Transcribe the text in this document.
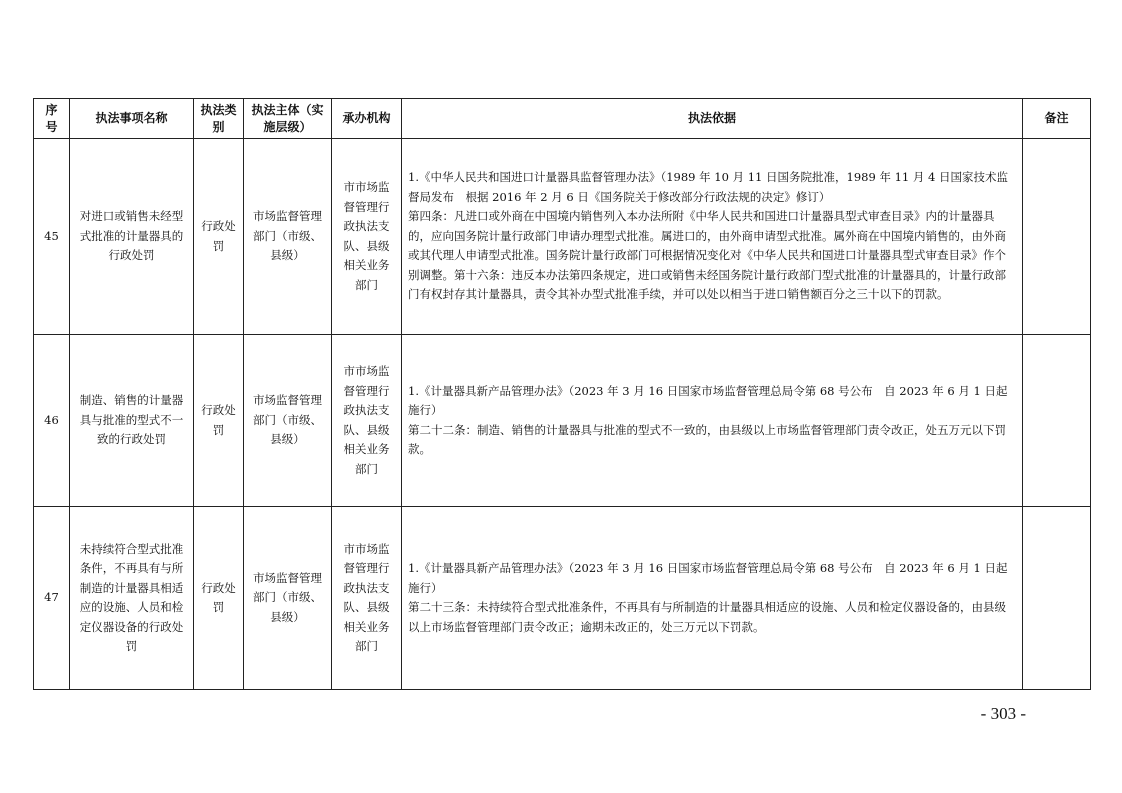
序号	执法事项名称	执法类别	执法主体（实施层级）	承办机构	执法依据	备注
45	对进口或销售未经型式批准的计量器具的行政处罚	行政处罚	市场监督管理部门（市级、县级）	市市场监督管理行政执法支队、县级相关业务部门	1.《中华人民共和国进口计量器具监督管理办法》（1989 年 10 月 11 日国务院批准，1989 年 11 月 4 日国家技术监督局发布　根据 2016 年 2 月 6 日《国务院关于修改部分行政法规的决定》修订）
第四条：凡进口或外商在中国境内销售列入本办法所附《中华人民共和国进口计量器具型式审查目录》内的计量器具的，应向国务院计量行政部门申请办理型式批准。属进口的，由外商申请型式批准。属外商在中国境内销售的，由外商或其代理人申请型式批准。国务院计量行政部门可根据情况变化对《中华人民共和国进口计量器具型式审查目录》作个别调整。第十六条：违反本办法第四条规定，进口或销售未经国务院计量行政部门型式批准的计量器具的，计量行政部门有权封存其计量器具，责令其补办型式批准手续，并可以处以相当于进口销售额百分之三十以下的罚款。	

46	制造、销售的计量器具与批准的型式不一致的行政处罚	行政处罚	市场监督管理部门（市级、县级）	市市场监督管理行政执法支队、县级相关业务部门	1.《计量器具新产品管理办法》（2023 年 3 月 16 日国家市场监督管理总局令第 68 号公布　自 2023 年 6 月 1 日起施行）
第二十二条：制造、销售的计量器具与批准的型式不一致的，由县级以上市场监督管理部门责令改正，处五万元以下罚款。	

47	未持续符合型式批准条件，不再具有与所制造的计量器具相适应的设施、人员和检定仪器设备的行政处罚	行政处罚	市场监督管理部门（市级、县级）	市市场监督管理行政执法支队、县级相关业务部门	1.《计量器具新产品管理办法》（2023 年 3 月 16 日国家市场监督管理总局令第 68 号公布　自 2023 年 6 月 1 日起施行）
第二十三条：未持续符合型式批准条件，不再具有与所制造的计量器具相适应的设施、人员和检定仪器设备的，由县级以上市场监督管理部门责令改正；逾期未改正的，处三万元以下罚款。	

- 303 -
